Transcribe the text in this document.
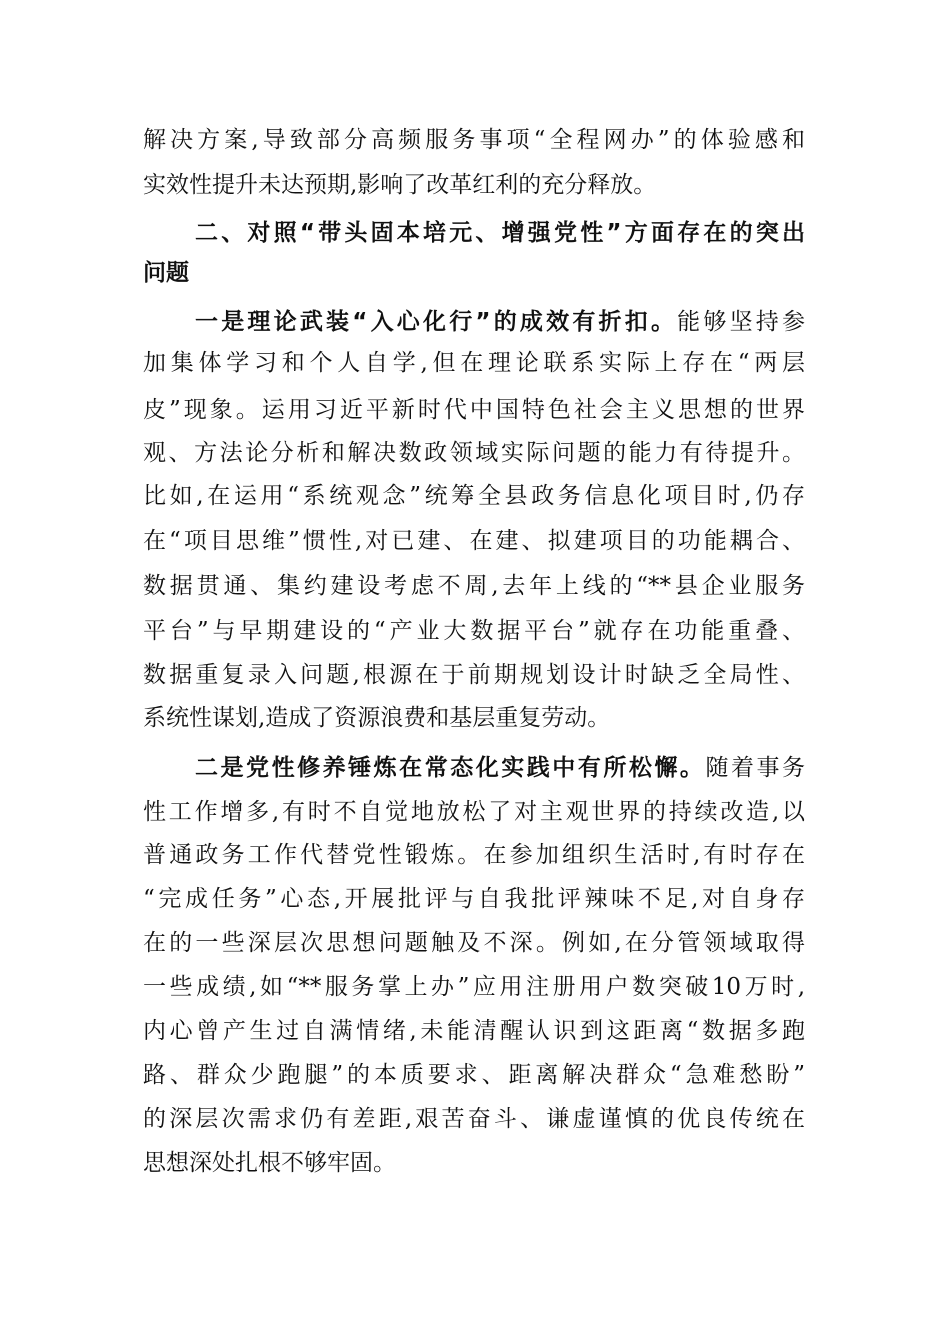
解决方案,导致部分高频服务事项“全程网办”的体验感和
实效性提升未达预期,影响了改革红利的充分释放。
二、对照“带头固本培元、增强党性”方面存在的突出
问题
一是理论武装“入心化行”的成效有折扣。能够坚持参
加集体学习和个人自学,但在理论联系实际上存在“两层
皮”现象。运用习近平新时代中国特色社会主义思想的世界
观、方法论分析和解决数政领域实际问题的能力有待提升。
比如,在运用“系统观念”统筹全县政务信息化项目时,仍存
在“项目思维”惯性,对已建、在建、拟建项目的功能耦合、
数据贯通、集约建设考虑不周,去年上线的“**县企业服务
平台”与早期建设的“产业大数据平台”就存在功能重叠、
数据重复录入问题,根源在于前期规划设计时缺乏全局性、
系统性谋划,造成了资源浪费和基层重复劳动。
二是党性修养锤炼在常态化实践中有所松懈。随着事务
性工作增多,有时不自觉地放松了对主观世界的持续改造,以
普通政务工作代替党性锻炼。在参加组织生活时,有时存在
“完成任务”心态,开展批评与自我批评辣味不足,对自身存
在的一些深层次思想问题触及不深。例如,在分管领域取得
一些成绩,如“**服务掌上办”应用注册用户数突破10万时,
内心曾产生过自满情绪,未能清醒认识到这距离“数据多跑
路、群众少跑腿”的本质要求、距离解决群众“急难愁盼”
的深层次需求仍有差距,艰苦奋斗、谦虚谨慎的优良传统在
思想深处扎根不够牢固。
